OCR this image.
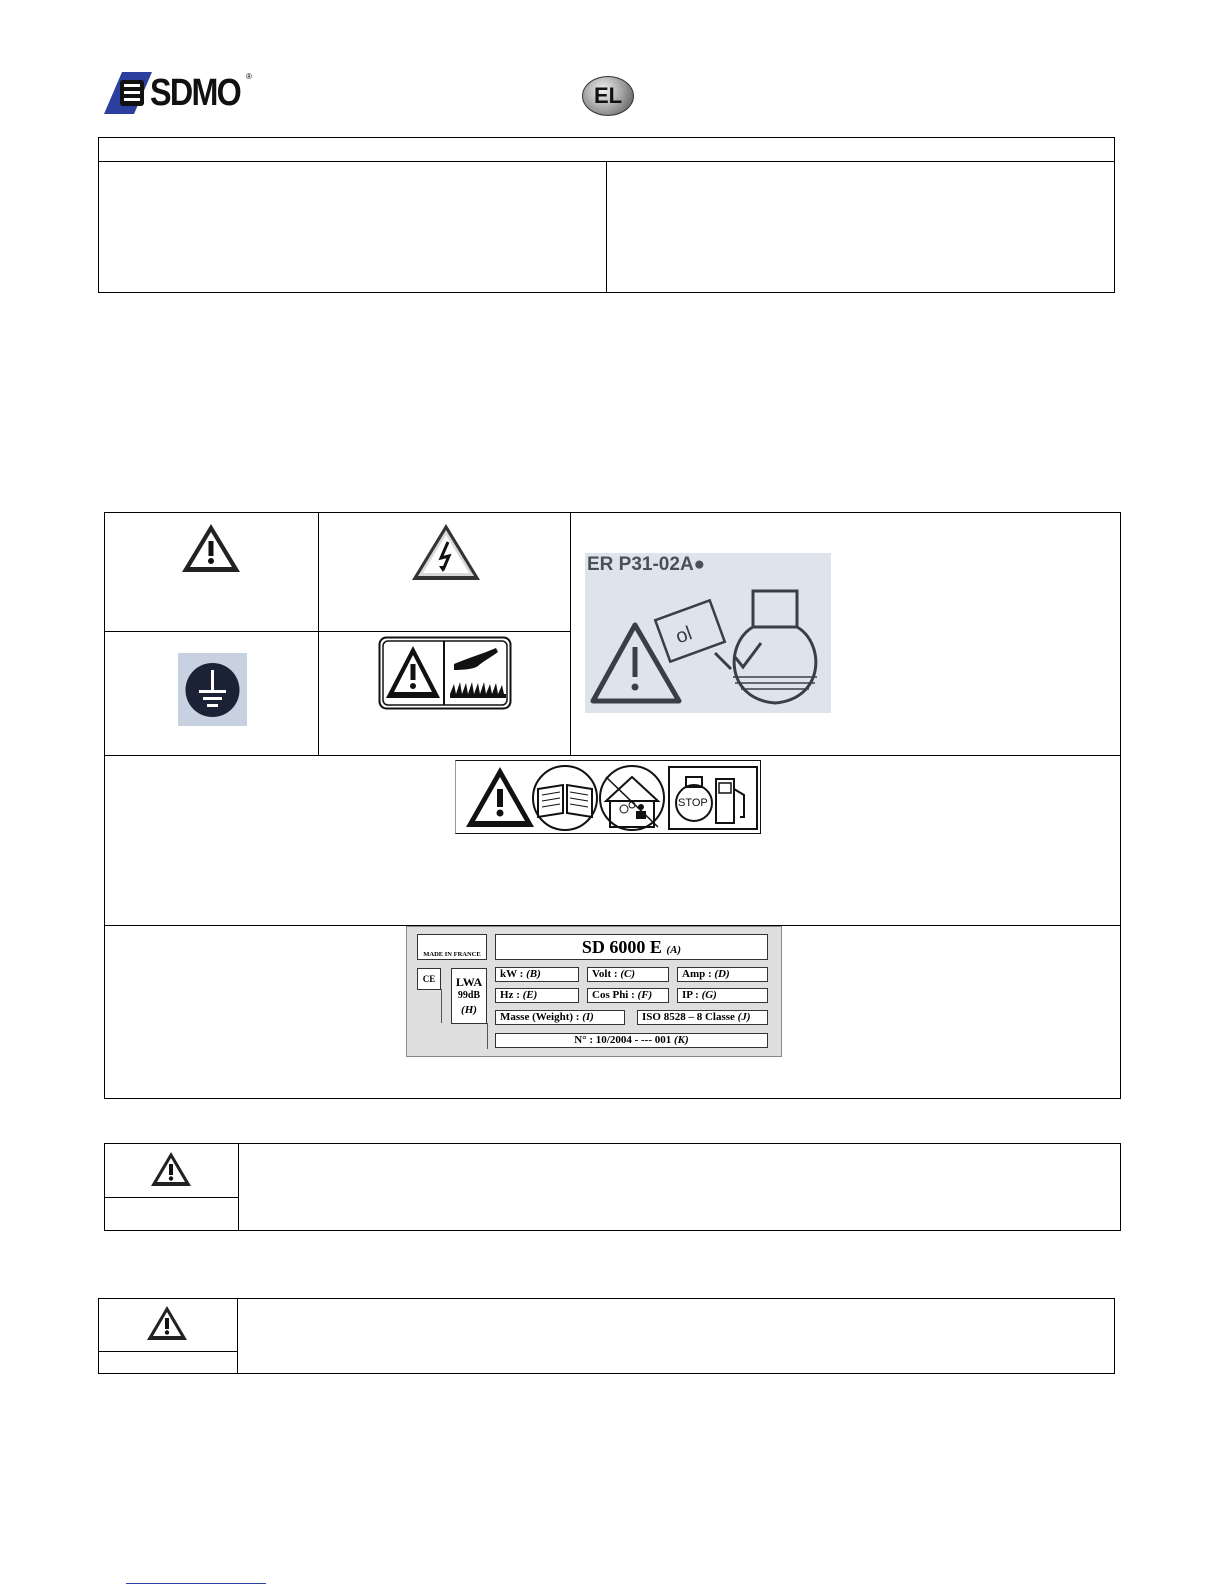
SDMO ®
EL
ER P31-02A●
ol
STOP
MADE IN FRANCE	SD 6000 E (A)
CE	LWA
99dB
(H)
kW : (B)	Volt : (C)	Amp : (D)
Hz : (E)	Cos Phi : (F)	IP : (G)
Masse (Weight) : (I)	ISO 8528 – 8 Classe (J)
N° : 10/2004 - --- 001 (K)
